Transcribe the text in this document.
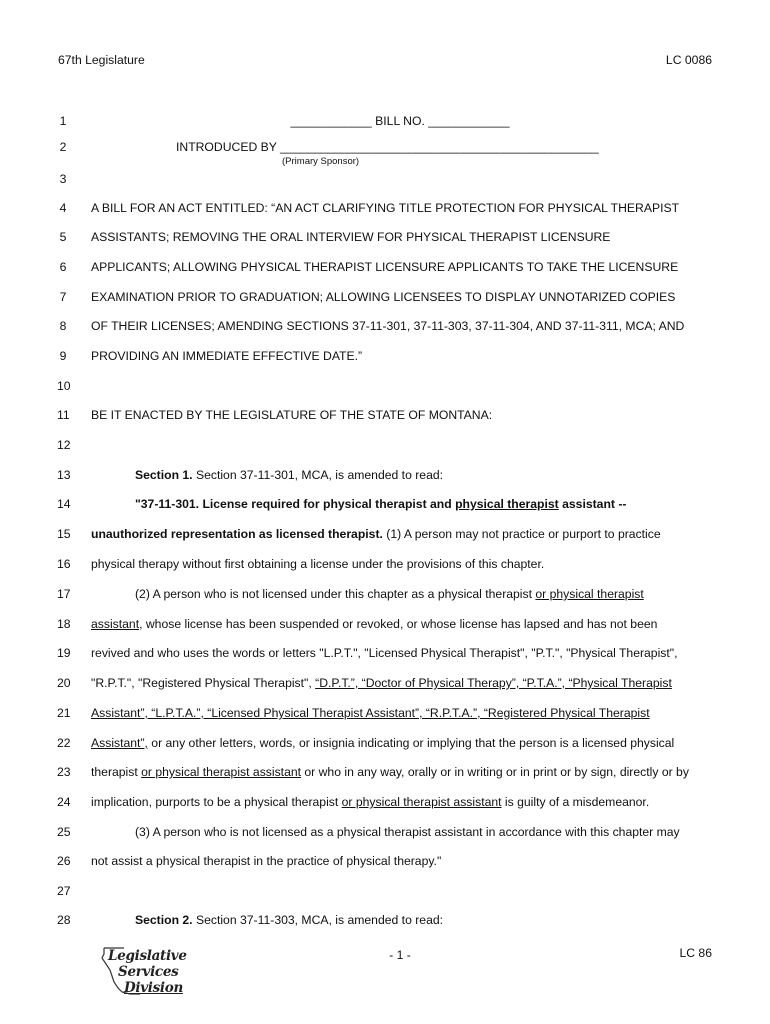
67th Legislature	LC 0086
1
2
3
4
5
6
7
8
9
10
11
12
13
14
15
16
17
18
19
20
21
22
23
24
25
26
27
28
____________ BILL NO. ____________
INTRODUCED BY _______________________________________________
(Primary Sponsor)
A BILL FOR AN ACT ENTITLED: “AN ACT CLARIFYING TITLE PROTECTION FOR PHYSICAL THERAPIST
ASSISTANTS; REMOVING THE ORAL INTERVIEW FOR PHYSICAL THERAPIST LICENSURE
APPLICANTS; ALLOWING PHYSICAL THERAPIST LICENSURE APPLICANTS TO TAKE THE LICENSURE
EXAMINATION PRIOR TO GRADUATION; ALLOWING LICENSEES TO DISPLAY UNNOTARIZED COPIES
OF THEIR LICENSES; AMENDING SECTIONS 37-11-301, 37-11-303, 37-11-304, AND 37-11-311, MCA; AND
PROVIDING AN IMMEDIATE EFFECTIVE DATE.”
BE IT ENACTED BY THE LEGISLATURE OF THE STATE OF MONTANA:
Section 1. Section 37-11-301, MCA, is amended to read:
"37-11-301. License required for physical therapist and physical therapist assistant --
unauthorized representation as licensed therapist. (1) A person may not practice or purport to practice
physical therapy without first obtaining a license under the provisions of this chapter.
(2) A person who is not licensed under this chapter as a physical therapist or physical therapist
assistant, whose license has been suspended or revoked, or whose license has lapsed and has not been
revived and who uses the words or letters "L.P.T.", "Licensed Physical Therapist", "P.T.", "Physical Therapist",
"R.P.T.", "Registered Physical Therapist", “D.P.T.”, “Doctor of Physical Therapy”, “P.T.A.”, “Physical Therapist
Assistant”, “L.P.T.A.”, “Licensed Physical Therapist Assistant”, “R.P.T.A.”, “Registered Physical Therapist
Assistant”, or any other letters, words, or insignia indicating or implying that the person is a licensed physical
therapist or physical therapist assistant or who in any way, orally or in writing or in print or by sign, directly or by
implication, purports to be a physical therapist or physical therapist assistant is guilty of a misdemeanor.
(3) A person who is not licensed as a physical therapist assistant in accordance with this chapter may
not assist a physical therapist in the practice of physical therapy."
Section 2. Section 37-11-303, MCA, is amended to read:
Legislative
Services
Division
- 1 -	LC 86
